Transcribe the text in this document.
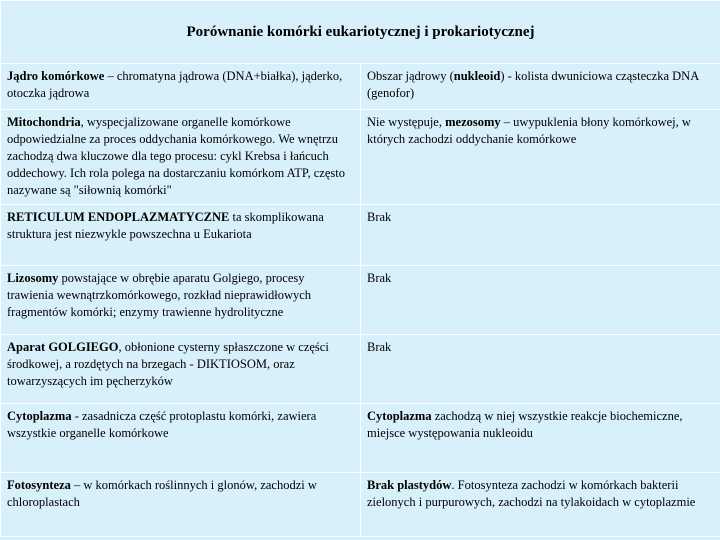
Porównanie komórki eukariotycznej i prokariotycznej	
Jądro komórkowe – chromatyna jądrowa (DNA+białka), jąderko, otoczka jądrowa	Obszar jądrowy (nukleoid) - kolista dwuniciowa cząsteczka DNA (genofor)
Mitochondria, wyspecjalizowane organelle komórkowe odpowiedzialne za proces oddychania komórkowego. We wnętrzu zachodzą dwa kluczowe dla tego procesu: cykl Krebsa i łańcuch oddechowy. Ich rola polega na dostarczaniu komórkom ATP, często nazywane są "siłownią komórki"	Nie występuje, mezosomy – uwypuklenia błony komórkowej, w których zachodzi oddychanie komórkowe
RETICULUM ENDOPLAZMATYCZNE ta skomplikowana struktura jest niezwykle powszechna u Eukariota	Brak
Lizosomy powstające w obrębie aparatu Golgiego, procesy trawienia wewnątrzkomórkowego, rozkład nieprawidłowych fragmentów komórki; enzymy trawienne hydrolityczne	Brak
Aparat GOLGIEGO, obłonione cysterny spłaszczone w części środkowej, a rozdętych na brzegach - DIKTIOSOM, oraz towarzyszących im pęcherzyków	Brak
Cytoplazma - zasadnicza część protoplastu komórki, zawiera wszystkie organelle komórkowe	Cytoplazma zachodzą w niej wszystkie reakcje biochemiczne, miejsce występowania nukleoidu
Fotosynteza – w komórkach roślinnych i glonów, zachodzi w chloroplastach	Brak plastydów. Fotosynteza zachodzi w komórkach bakterii zielonych i purpurowych, zachodzi na tylakoidach w cytoplazmie
